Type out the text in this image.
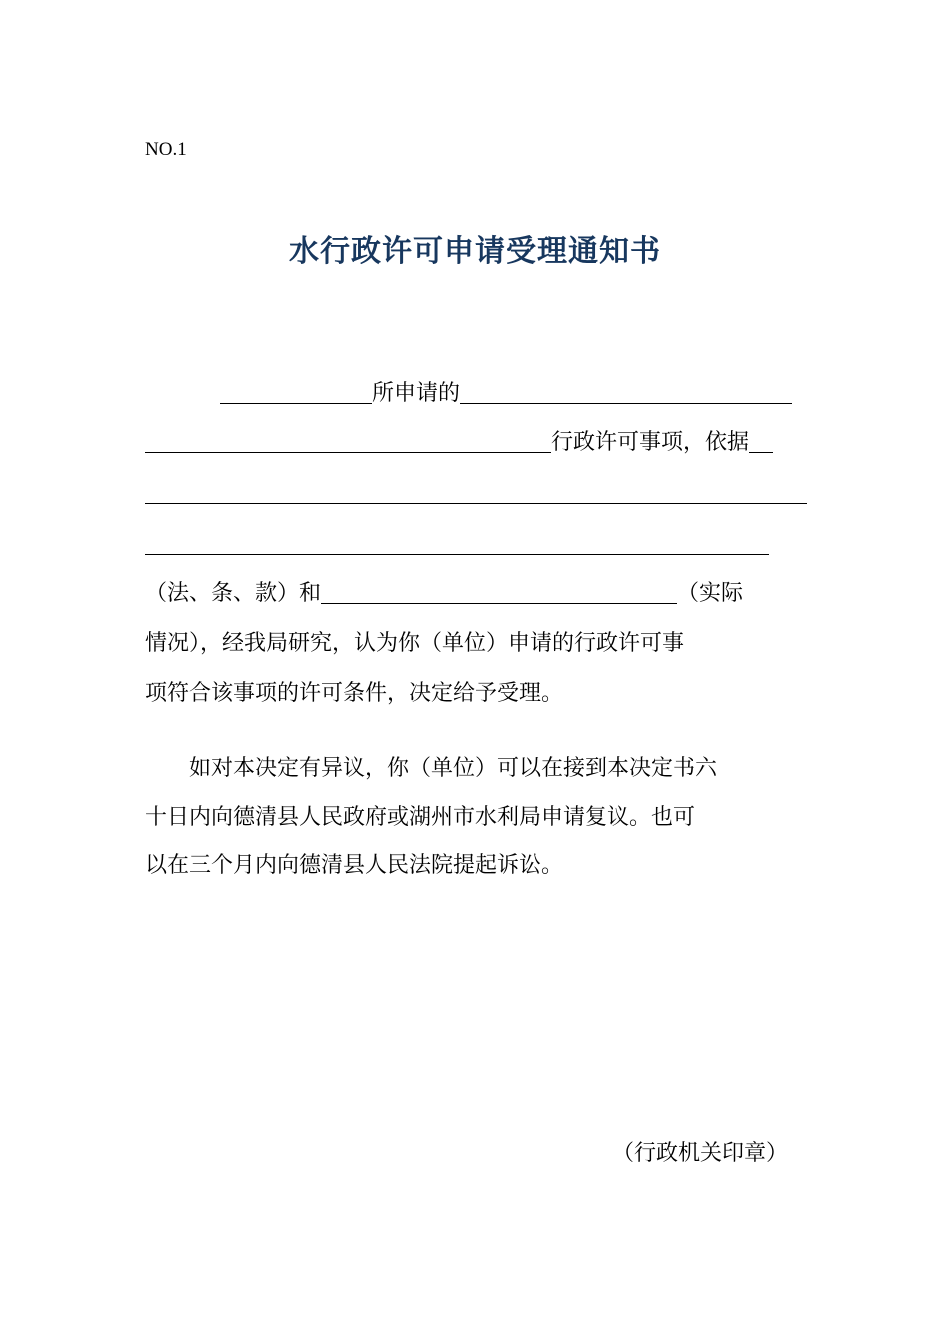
NO.1
水行政许可申请受理通知书
所申请的
行政许可事项，依据
（法、条、款）和	（实际
情况），经我局研究，认为你（单位）申请的行政许可事
项符合该事项的许可条件，决定给予受理。
如对本决定有异议，你（单位）可以在接到本决定书六
十日内向德清县人民政府或湖州市水利局申请复议。也可
以在三个月内向德清县人民法院提起诉讼。
（行政机关印章）
